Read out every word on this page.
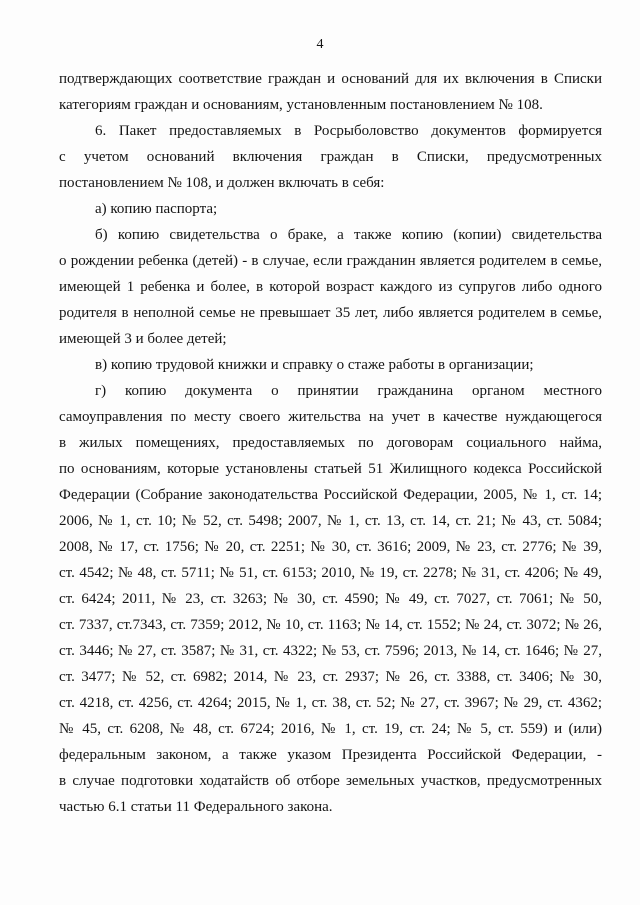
4
подтверждающих соответствие граждан и оснований для их включения в Списки
категориям граждан и основаниям, установленным постановлением № 108.
6. Пакет предоставляемых в Росрыболовство документов формируется
с учетом оснований включения граждан в Списки, предусмотренных
постановлением № 108, и должен включать в себя:
а) копию паспорта;
б) копию свидетельства о браке, а также копию (копии) свидетельства
о рождении ребенка (детей) - в случае, если гражданин является родителем в семье,
имеющей 1 ребенка и более, в которой возраст каждого из супругов либо одного
родителя в неполной семье не превышает 35 лет, либо является родителем в семье,
имеющей 3 и более детей;
в) копию трудовой книжки и справку о стаже работы в организации;
г) копию документа о принятии гражданина органом местного
самоуправления по месту своего жительства на учет в качестве нуждающегося
в жилых помещениях, предоставляемых по договорам социального найма,
по основаниям, которые установлены статьей 51 Жилищного кодекса Российской
Федерации (Собрание законодательства Российской Федерации, 2005, № 1, ст. 14;
2006, № 1, ст. 10; № 52, ст. 5498; 2007, № 1, ст. 13, ст. 14, ст. 21; № 43, ст. 5084;
2008, № 17, ст. 1756; № 20, ст. 2251; № 30, ст. 3616; 2009, № 23, ст. 2776; № 39,
ст. 4542; № 48, ст. 5711; № 51, ст. 6153; 2010, № 19, ст. 2278; № 31, ст. 4206; № 49,
ст. 6424; 2011, № 23, ст. 3263; № 30, ст. 4590; № 49, ст. 7027, ст. 7061; № 50,
ст. 7337, ст.7343, ст. 7359; 2012, № 10, ст. 1163; № 14, ст. 1552; № 24, ст. 3072; № 26,
ст. 3446; № 27, ст. 3587; № 31, ст. 4322; № 53, ст. 7596; 2013, № 14, ст. 1646; № 27,
ст. 3477; № 52, ст. 6982; 2014, № 23, ст. 2937; № 26, ст. 3388, ст. 3406; № 30,
ст. 4218, ст. 4256, ст. 4264; 2015, № 1, ст. 38, ст. 52; № 27, ст. 3967; № 29, ст. 4362;
№ 45, ст. 6208, № 48, ст. 6724; 2016, № 1, ст. 19, ст. 24; № 5, ст. 559) и (или)
федеральным законом, а также указом Президента Российской Федерации, -
в случае подготовки ходатайств об отборе земельных участков, предусмотренных
частью 6.1 статьи 11 Федерального закона.
